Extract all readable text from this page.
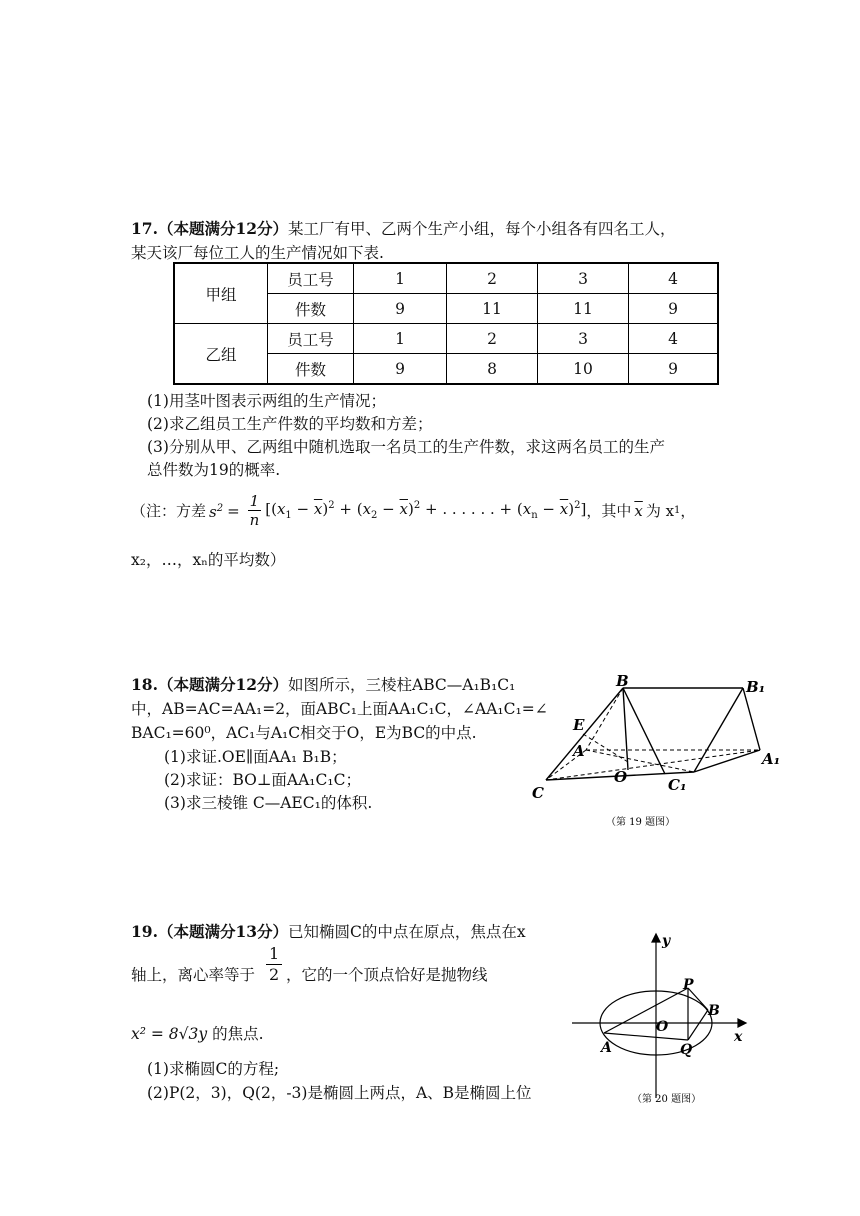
17.（本题满分12分）某工厂有甲、乙两个生产小组，每个小组各有四名工人，
某天该厂每位工人的生产情况如下表.
甲组	员工号	1	2	3	4
	件数	9	11	11	9
乙组	员工号	1	2	3	4
	件数	9	8	10	9
(1)用茎叶图表示两组的生产情况；
(2)求乙组员工生产件数的平均数和方差；
(3)分别从甲、乙两组中随机选取一名员工的生产件数，求这两名员工的生产
总件数为19的概率.
（注：方差 $s^2 = \frac{1}{n} [(x_1 - \overline{x})^2 + (x_2 - \overline{x})^2$ + . . . . . . + $(x_n - \overline{x})^2$] ，其中 $\overline{x}$ 为 x 1 ，
x₂，…，xₙ的平均数）
18.（本题满分12分）如图所示，三棱柱ABC—A₁B₁C₁
中，AB=AC=AA₁=2，面ABC₁上面AA₁C₁C，∠AA₁C₁=∠
BAC₁=60⁰，AC₁与A₁C相交于O，E为BC的中点.
(1)求证.OE∥面AA₁ B₁B；
(2)求证：BO⊥面AA₁C₁C；
(3)求三棱锥 C—AEC₁的体积.
B	B₁
E
A
O
A₁
C	C₁
（第 19 题图）
19.（本题满分13分）已知椭圆C的中点在原点，焦点在x
轴上，离心率等于 $\frac{1}{2}$ ，它的一个顶点恰好是抛物线
x² = 8√3y 的焦点.
(1)求椭圆C的方程;
(2)P(2，3)，Q(2，-3)是椭圆上两点，A、B是椭圆上位
y
x
P
B
O
Q
A
（第 20 题图）
